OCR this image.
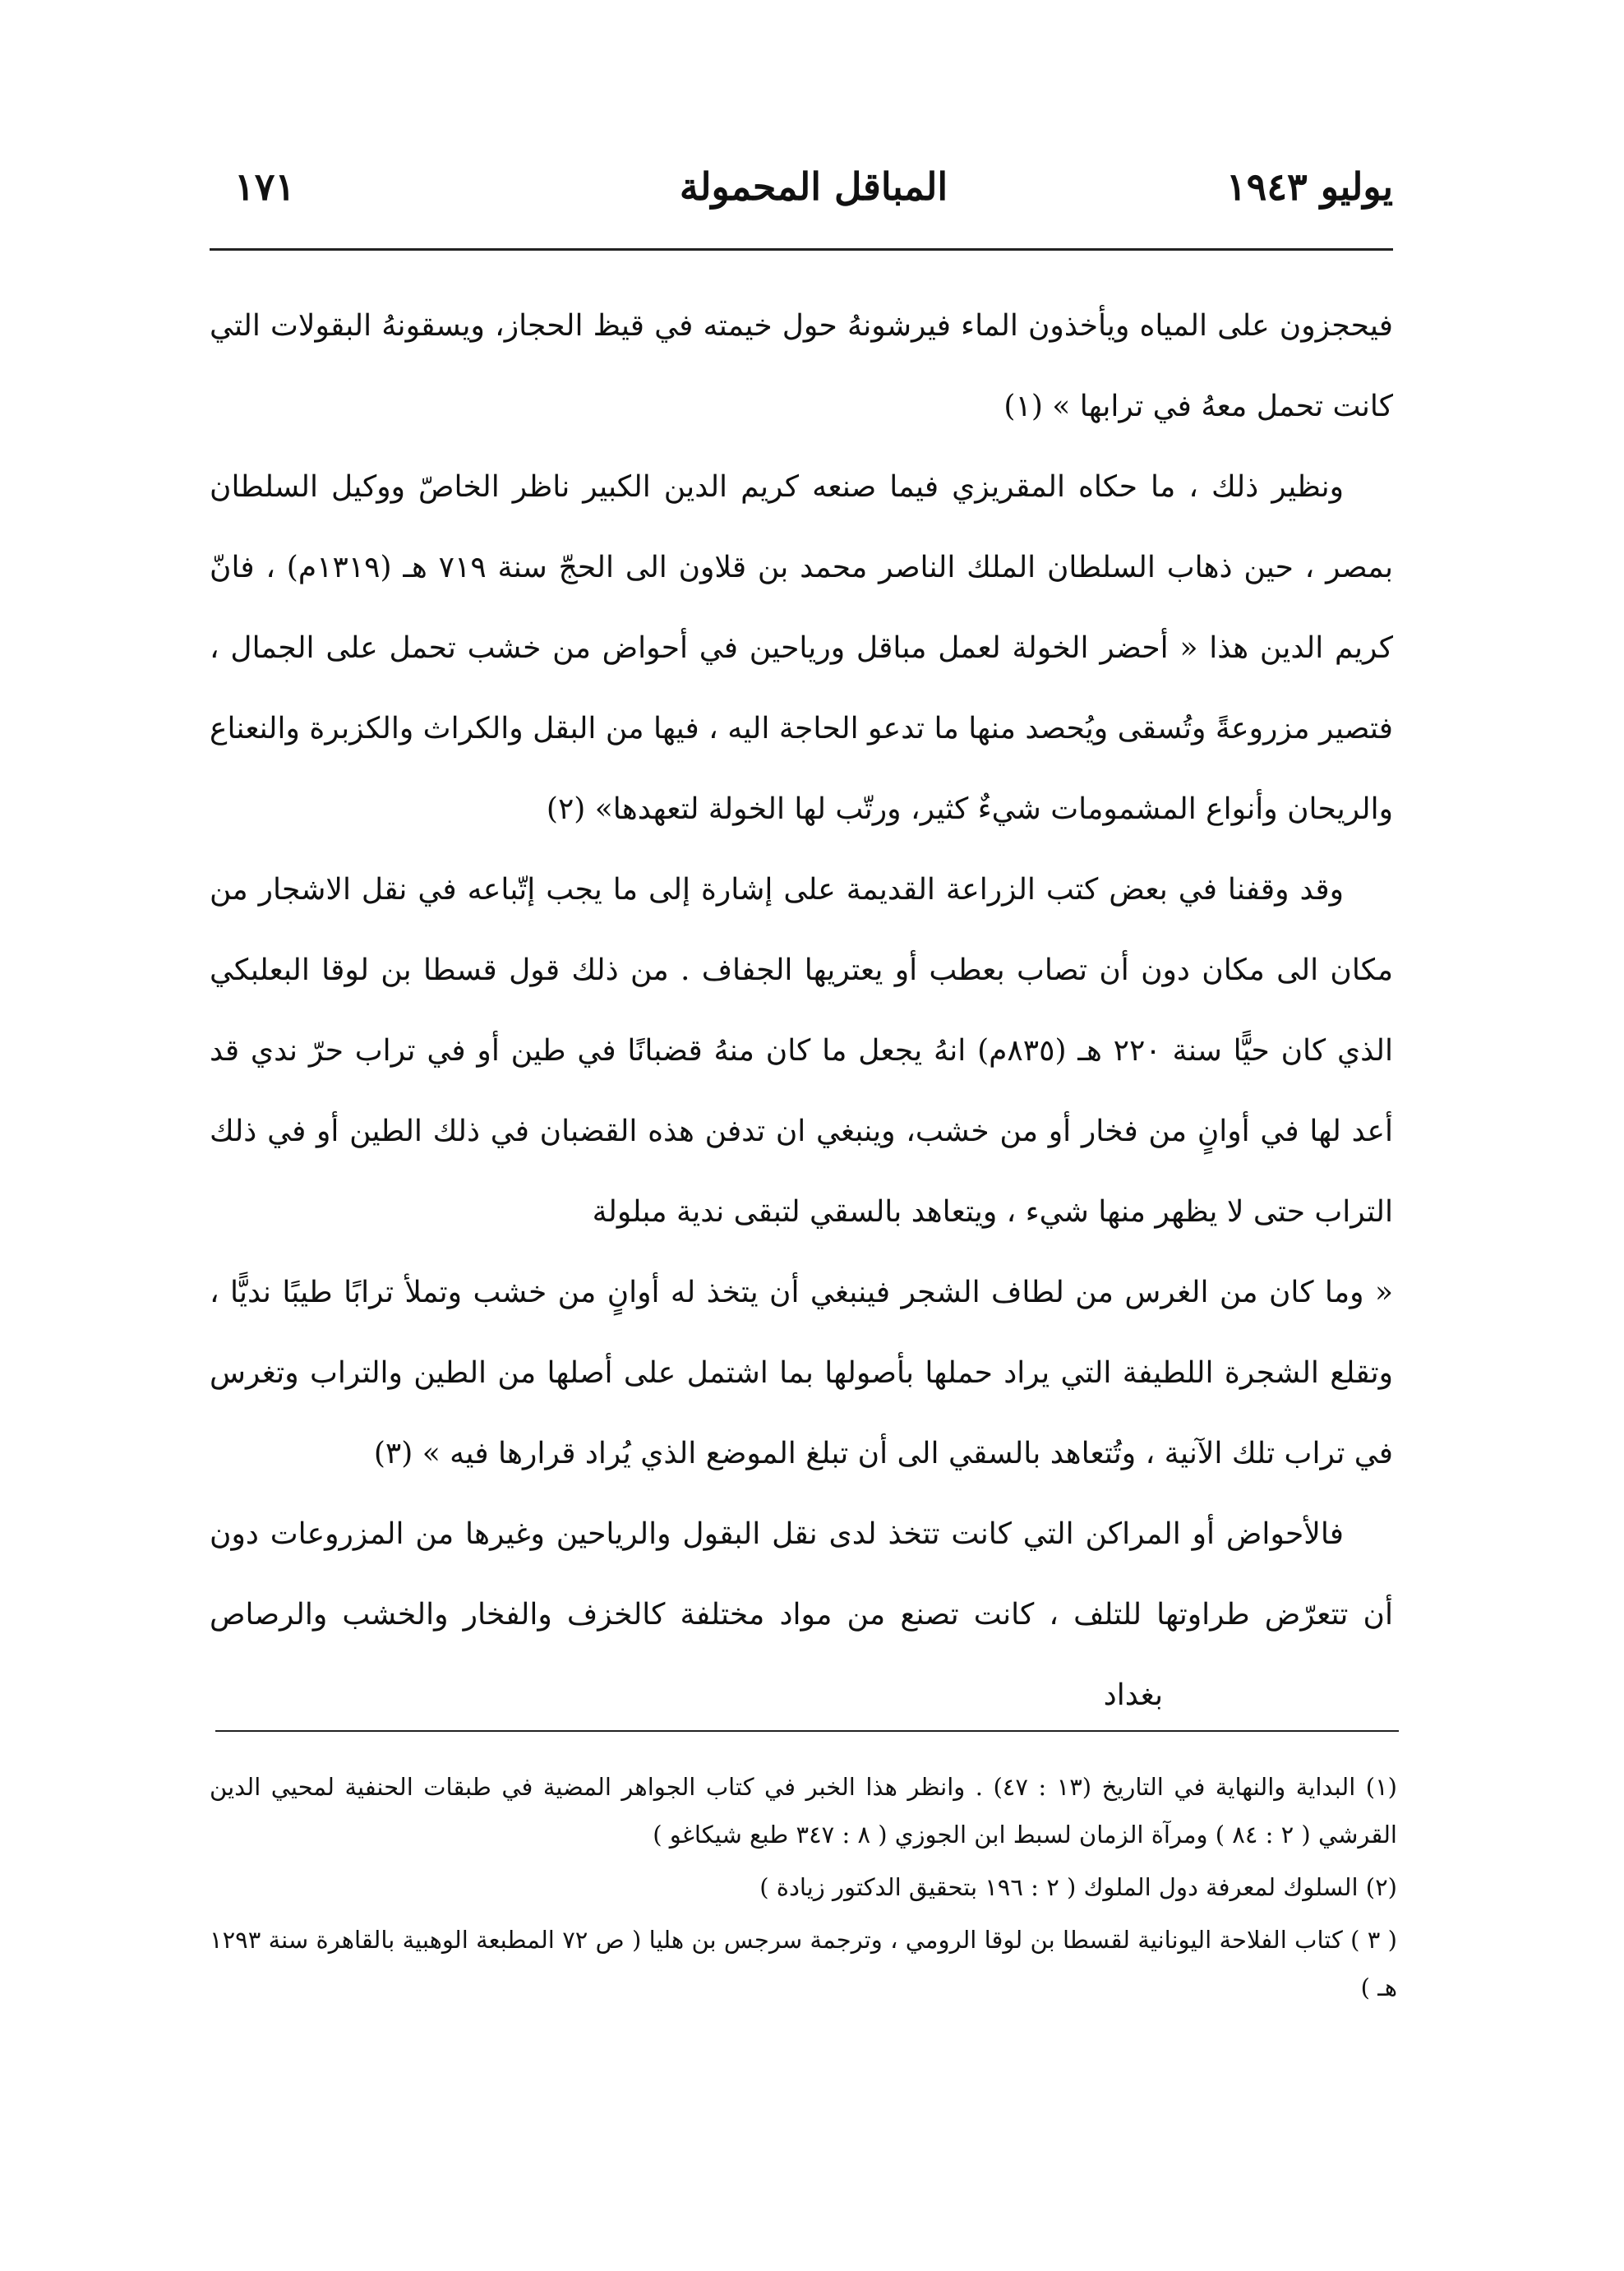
يوليو ١٩٤٣
المباقل المحمولة
١٧١

فيحجزون على المياه ويأخذون الماء فيرشونهُ حول خيمته في قيظ الحجاز، ويسقونهُ البقولات التي كانت تحمل معهُ في ترابها » (١)

ونظير ذلك ، ما حكاه المقريزي فيما صنعه كريم الدين الكبير ناظر الخاصّ ووكيل السلطان بمصر ، حين ذهاب السلطان الملك الناصر محمد بن قلاون الى الحجّ سنة ٧١٩ هـ (١٣١٩م) ، فانّ كريم الدين هذا « أحضر الخولة لعمل مباقل ورياحين في أحواض من خشب تحمل على الجمال ، فتصير مزروعةً وتُسقى ويُحصد منها ما تدعو الحاجة اليه ، فيها من البقل والكراث والكزبرة والنعناع والريحان وأنواع المشمومات شيءٌ كثير، ورتّب لها الخولة لتعهدها» (٢)

وقد وقفنا في بعض كتب الزراعة القديمة على إشارة إلى ما يجب إتّباعه في نقل الاشجار من مكان الى مكان دون أن تصاب بعطب أو يعتريها الجفاف . من ذلك قول قسطا بن لوقا البعلبكي الذي كان حيًّا سنة ٢٢٠ هـ (٨٣٥م) انهُ يجعل ما كان منهُ قضبانًا في طين أو في تراب حرّ ندي قد أعد لها في أوانٍ من فخار أو من خشب، وينبغي ان تدفن هذه القضبان في ذلك الطين أو في ذلك التراب حتى لا يظهر منها شيء ، ويتعاهد بالسقي لتبقى ندية مبلولة

« وما كان من الغرس من لطاف الشجر فينبغي أن يتخذ له أوانٍ من خشب وتملأ ترابًا طيبًا نديًّا ، وتقلع الشجرة اللطيفة التي يراد حملها بأصولها بما اشتمل على أصلها من الطين والتراب وتغرس في تراب تلك الآنية ، وتُتعاهد بالسقي الى أن تبلغ الموضع الذي يُراد قرارها فيه » (٣)

فالأحواض أو المراكن التي كانت تتخذ لدى نقل البقول والرياحين وغيرها من المزروعات دون أن تتعرّض طراوتها للتلف ، كانت تصنع من مواد مختلفة كالخزف والفخار والخشب والرصاصبغداد

(١) البداية والنهاية في التاريخ (١٣ : ٤٧) . وانظر هذا الخبر في كتاب الجواهر المضية في طبقات الحنفية لمحيي الدين القرشي ( ٢ : ٨٤ ) ومرآة الزمان لسبط ابن الجوزي ( ٨ : ٣٤٧ طبع شيكاغو )

(٢) السلوك لمعرفة دول الملوك ( ٢ : ١٩٦ بتحقيق الدكتور زيادة )

( ٣ ) كتاب الفلاحة اليونانية لقسطا بن لوقا الرومي ، وترجمة سرجس بن هليا ( ص ٧٢ المطبعة الوهبية بالقاهرة سنة ١٢٩٣ هـ )
